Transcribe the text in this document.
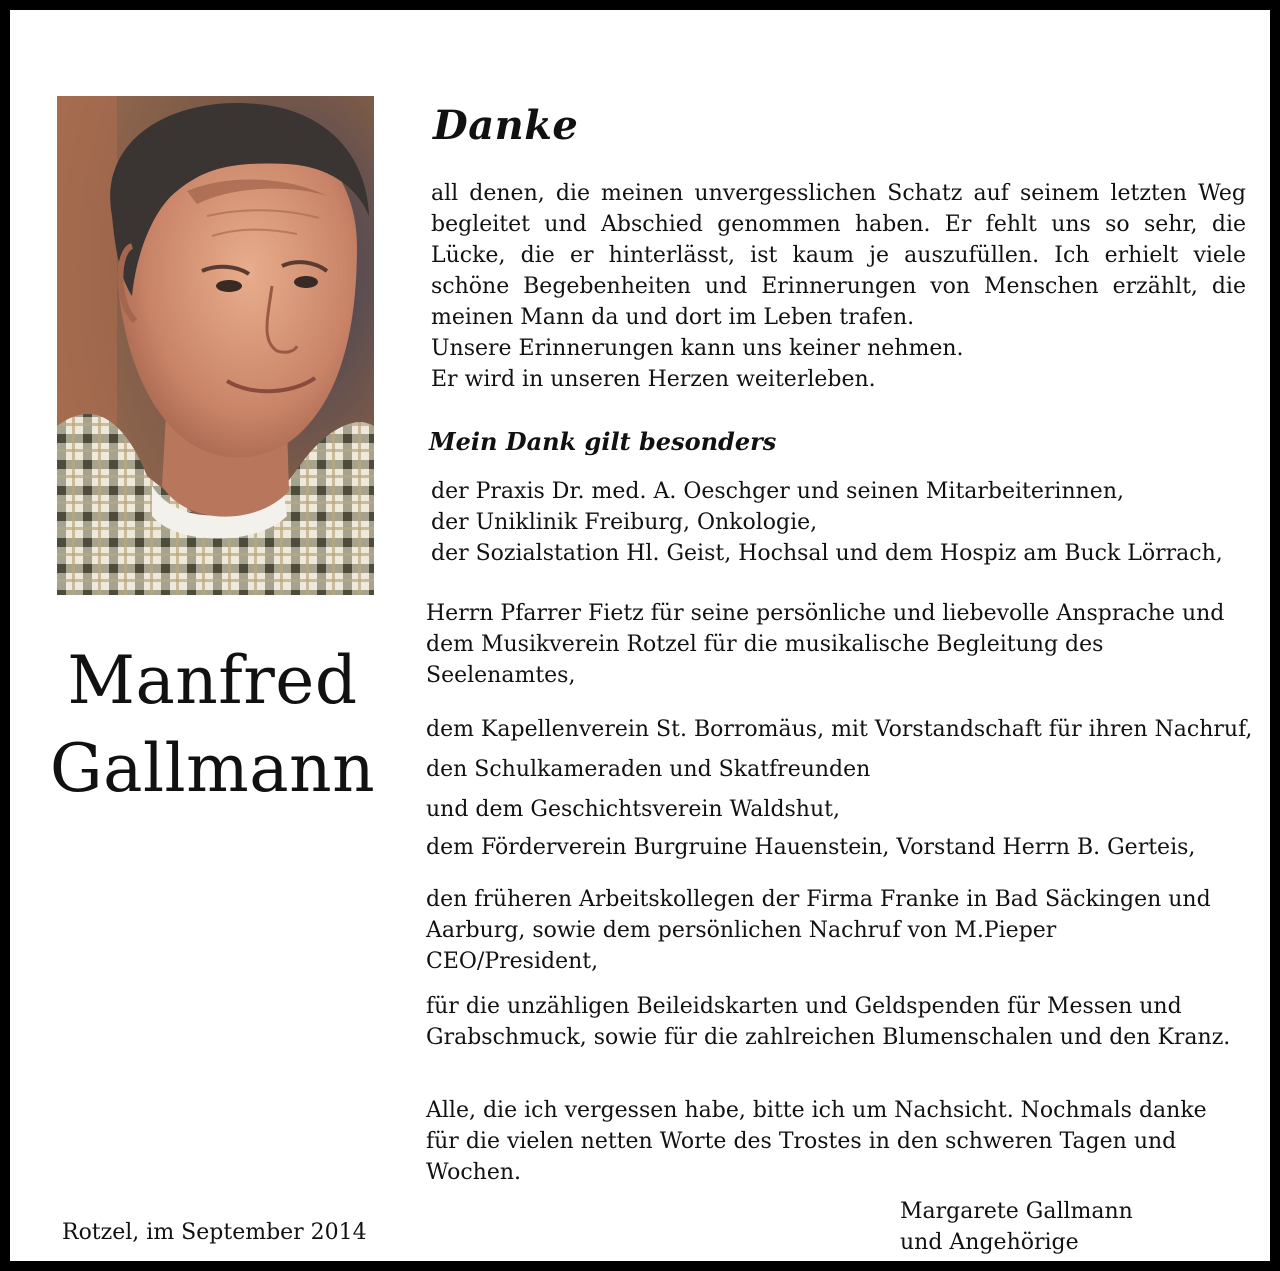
Manfred
Gallmann
Rotzel, im September 2014
Danke
all denen, die meinen unvergesslichen Schatz auf seinem letzten Weg
begleitet und Abschied genommen haben. Er fehlt uns so sehr, die
Lücke, die er hinterlässt, ist kaum je auszufüllen. Ich erhielt viele
schöne Begebenheiten und Erinnerungen von Menschen erzählt, die
meinen Mann da und dort im Leben trafen.
Unsere Erinnerungen kann uns keiner nehmen.
Er wird in unseren Herzen weiterleben.
Mein Dank gilt besonders
der Praxis Dr. med. A. Oeschger und seinen Mitarbeiterinnen,
der Uniklinik Freiburg, Onkologie,
der Sozialstation Hl. Geist, Hochsal und dem Hospiz am Buck Lörrach,
Herrn Pfarrer Fietz für seine persönliche und liebevolle Ansprache und
dem Musikverein Rotzel für die musikalische Begleitung des
Seelenamtes,
dem Kapellenverein St. Borromäus, mit Vorstandschaft für ihren Nachruf,
den Schulkameraden und Skatfreunden
und dem Geschichtsverein Waldshut,
dem Förderverein Burgruine Hauenstein, Vorstand Herrn B. Gerteis,
den früheren Arbeitskollegen der Firma Franke in Bad Säckingen und
Aarburg, sowie dem persönlichen Nachruf von M.Pieper
CEO/President,
für die unzähligen Beileidskarten und Geldspenden für Messen und
Grabschmuck, sowie für die zahlreichen Blumenschalen und den Kranz.
Alle, die ich vergessen habe, bitte ich um Nachsicht. Nochmals danke
für die vielen netten Worte des Trostes in den schweren Tagen und
Wochen.
Margarete Gallmann
und Angehörige
